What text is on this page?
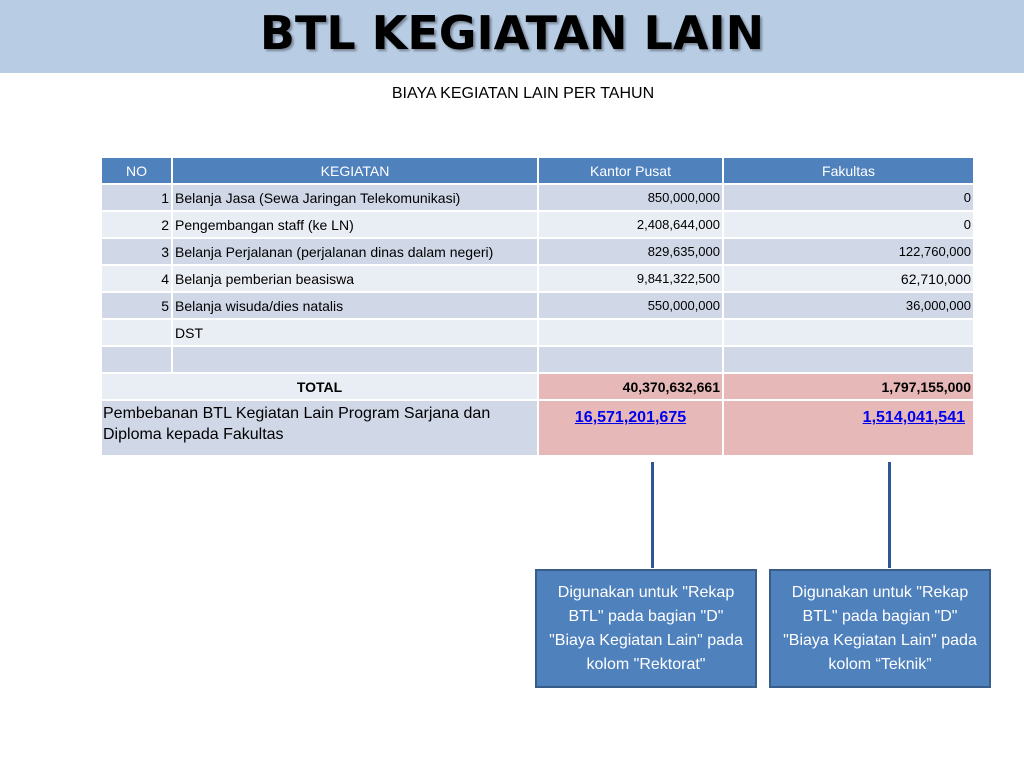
BTL KEGIATAN LAIN
BIAYA KEGIATAN LAIN PER TAHUN
NO	KEGIATAN	Kantor Pusat	Fakultas
1	Belanja Jasa (Sewa Jaringan Telekomunikasi)	850,000,000	0
2	Pengembangan staff (ke LN)	2,408,644,000	0
3	Belanja Perjalanan (perjalanan dinas dalam negeri)	829,635,000	122,760,000
4	Belanja pemberian beasiswa	9,841,322,500	62,710,000
5	Belanja wisuda/dies natalis	550,000,000	36,000,000
	DST		

TOTAL		40,370,632,661	1,797,155,000
Pembebanan BTL Kegiatan Lain Program Sarjana dan Diploma kepada Fakultas		16,571,201,675	1,514,041,541
Digunakan untuk "Rekap BTL" pada bagian "D" "Biaya Kegiatan Lain" pada kolom "Rektorat"
Digunakan untuk "Rekap BTL" pada bagian "D" "Biaya Kegiatan Lain" pada kolom “Teknik”
